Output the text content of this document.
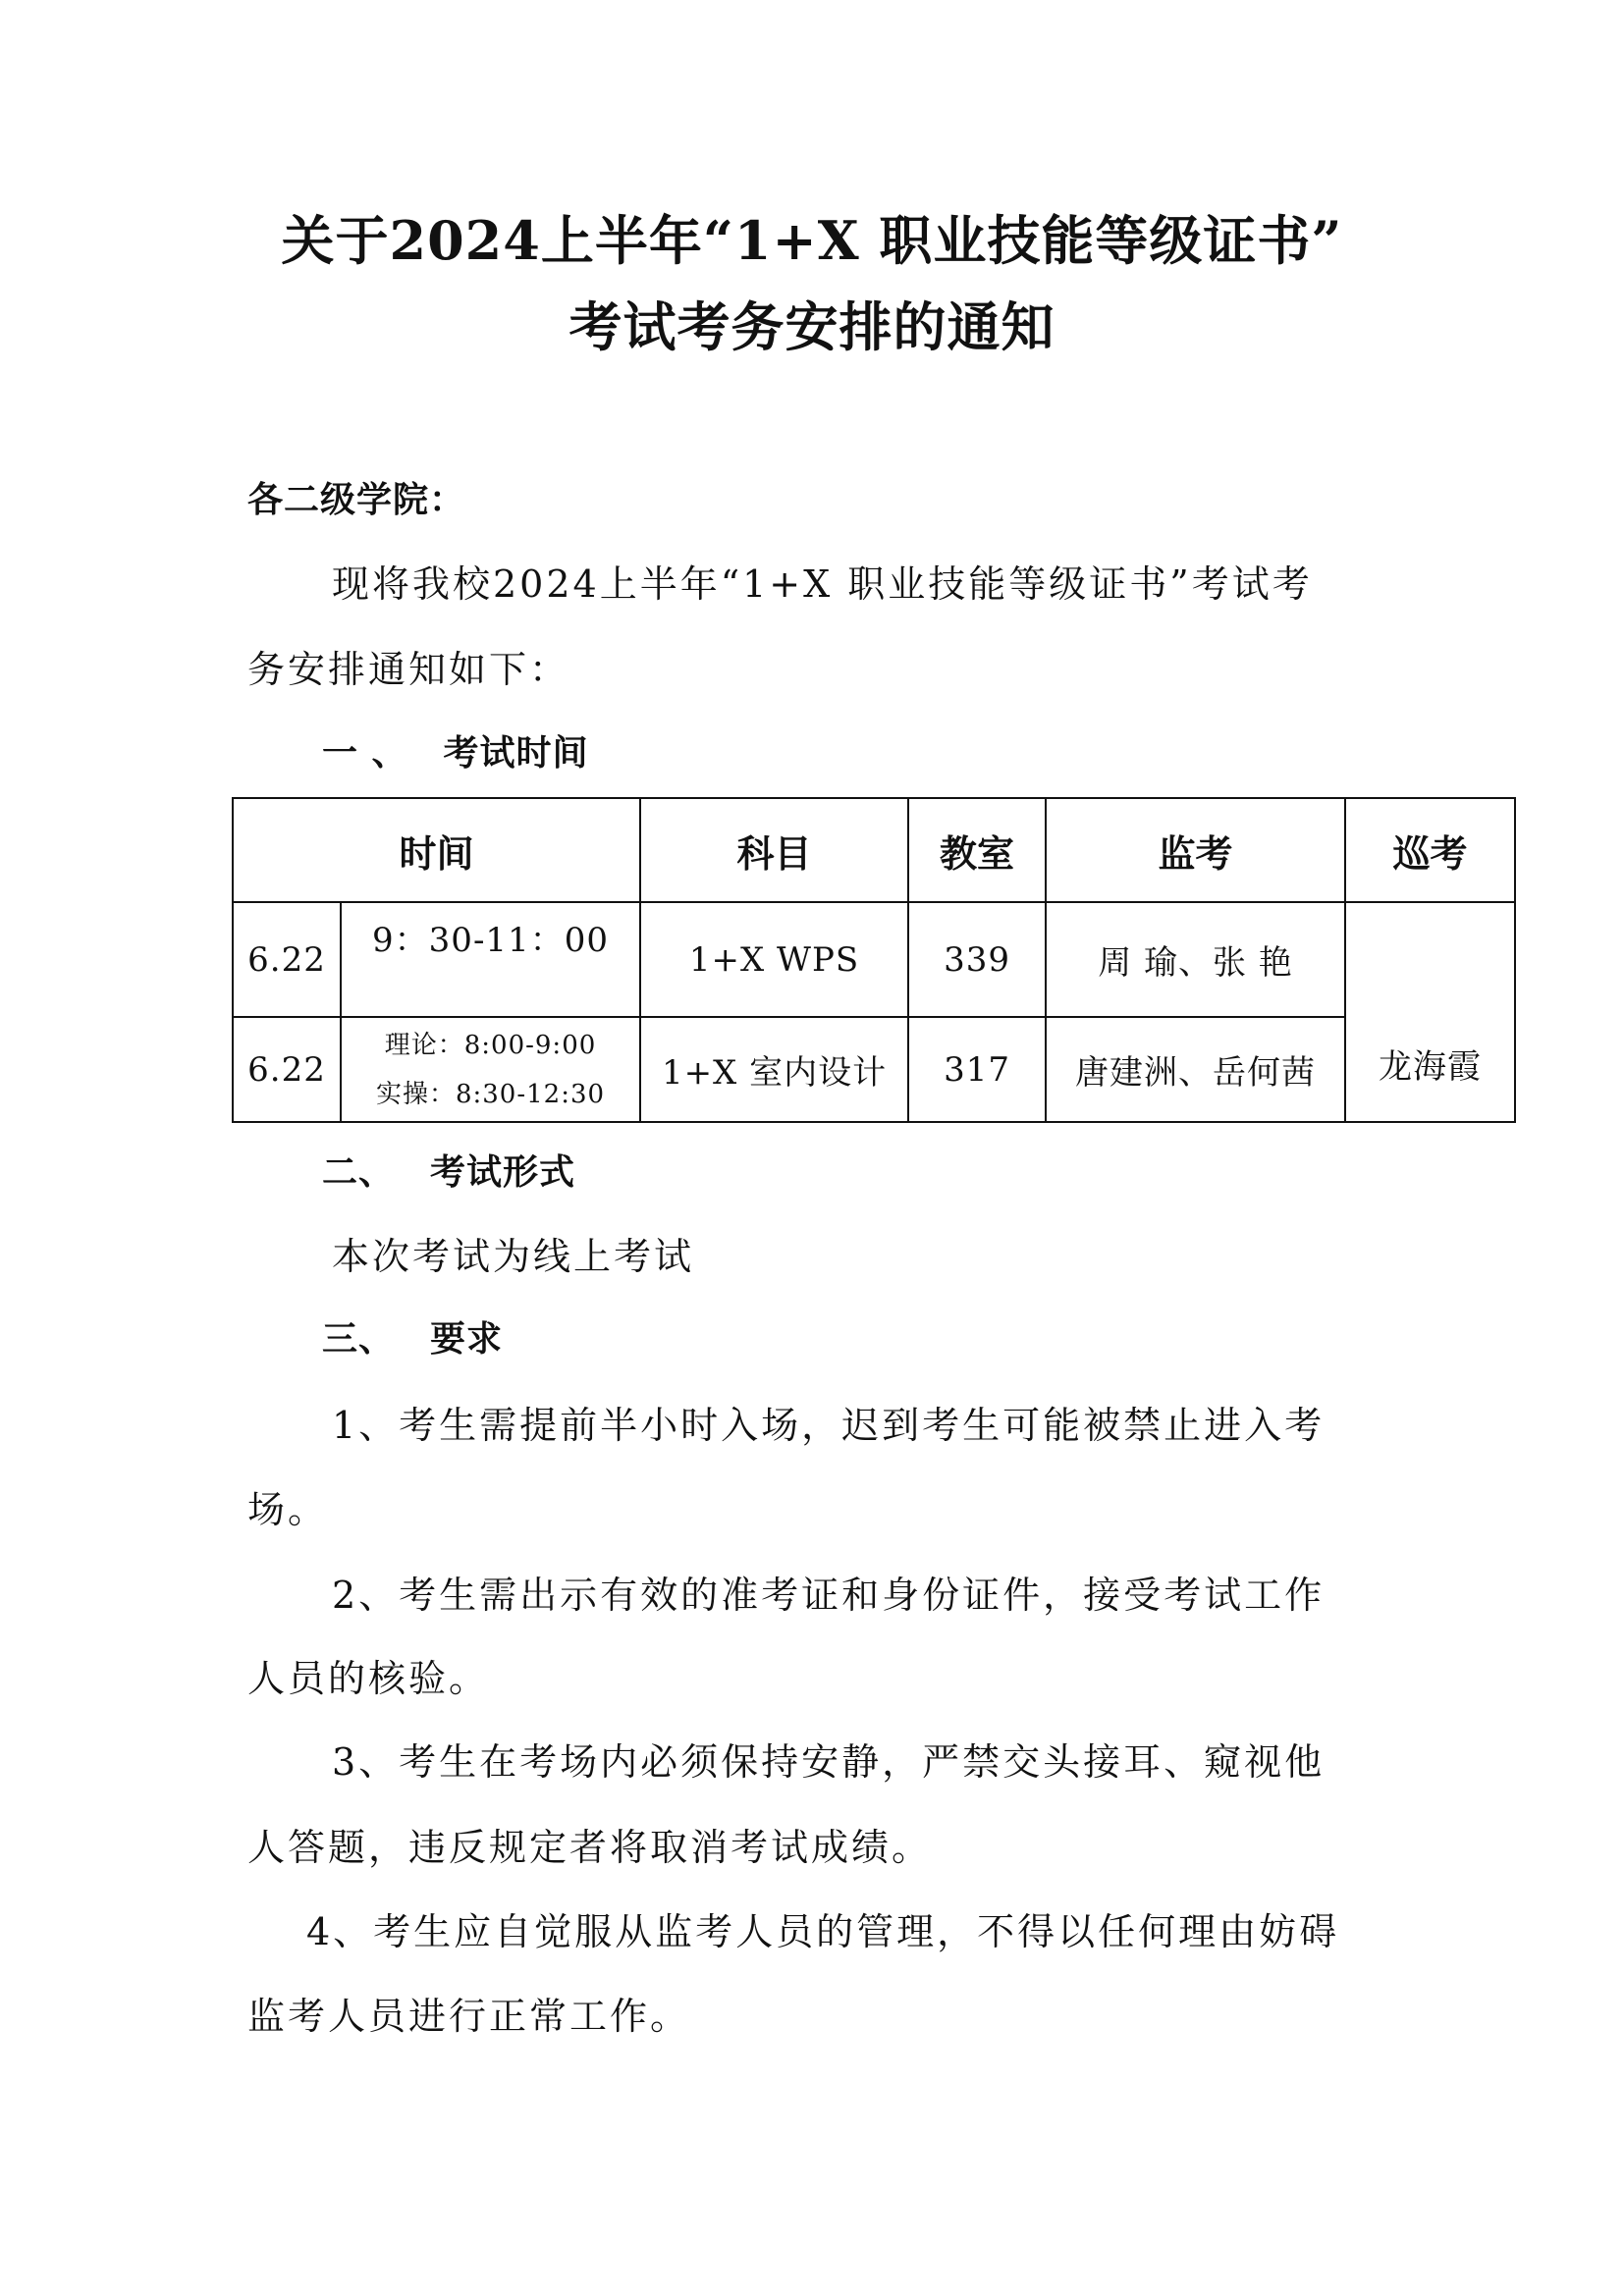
关于2024上半年“1+X 职业技能等级证书”
考试考务安排的通知
各二级学院：
现将我校2024上半年“1+X 职业技能等级证书”考试考
务安排通知如下：
一 、 考试时间
时间		科目	教室	监考	巡考
6.22	9：30-11：00	1+X WPS	339	周 瑜、张 艳	龙海霞
6.22	理论：8:00-9:00
实操：8:30-12:30	1+X 室内设计	317	唐建洲、岳何茜	
二、 考试形式
本次考试为线上考试
三、 要求
1、考生需提前半小时入场，迟到考生可能被禁止进入考
场。
2、考生需出示有效的准考证和身份证件，接受考试工作
人员的核验。
3、考生在考场内必须保持安静，严禁交头接耳、窥视他
人答题，违反规定者将取消考试成绩。
4、考生应自觉服从监考人员的管理，不得以任何理由妨碍
监考人员进行正常工作。
